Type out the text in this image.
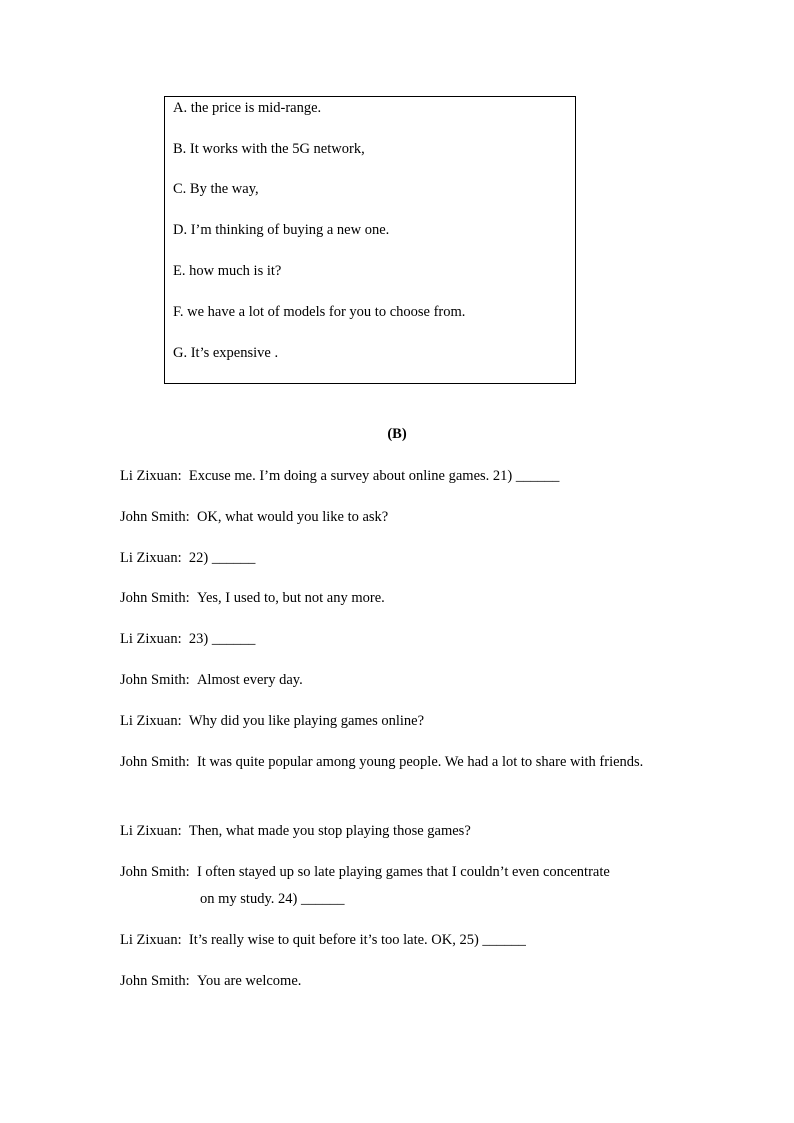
A. the price is mid-range.
B. It works with the 5G network,
C. By the way,
D. I’m thinking of buying a new one.
E. how much is it?
F. we have a lot of models for you to choose from.
G. It’s expensive .
(B)
Li Zixuan: Excuse me. I’m doing a survey about online games. 21) ______
John Smith: OK, what would you like to ask?
Li Zixuan: 22) ______
John Smith: Yes, I used to, but not any more.
Li Zixuan: 23) ______
John Smith: Almost every day.
Li Zixuan: Why did you like playing games online?
John Smith: It was quite popular among young people. We had a lot to share with friends.
Li Zixuan: Then, what made you stop playing those games?
John Smith: I often stayed up so late playing games that I couldn’t even concentrate
on my study. 24) ______
Li Zixuan: It’s really wise to quit before it’s too late. OK, 25) ______
John Smith: You are welcome.
